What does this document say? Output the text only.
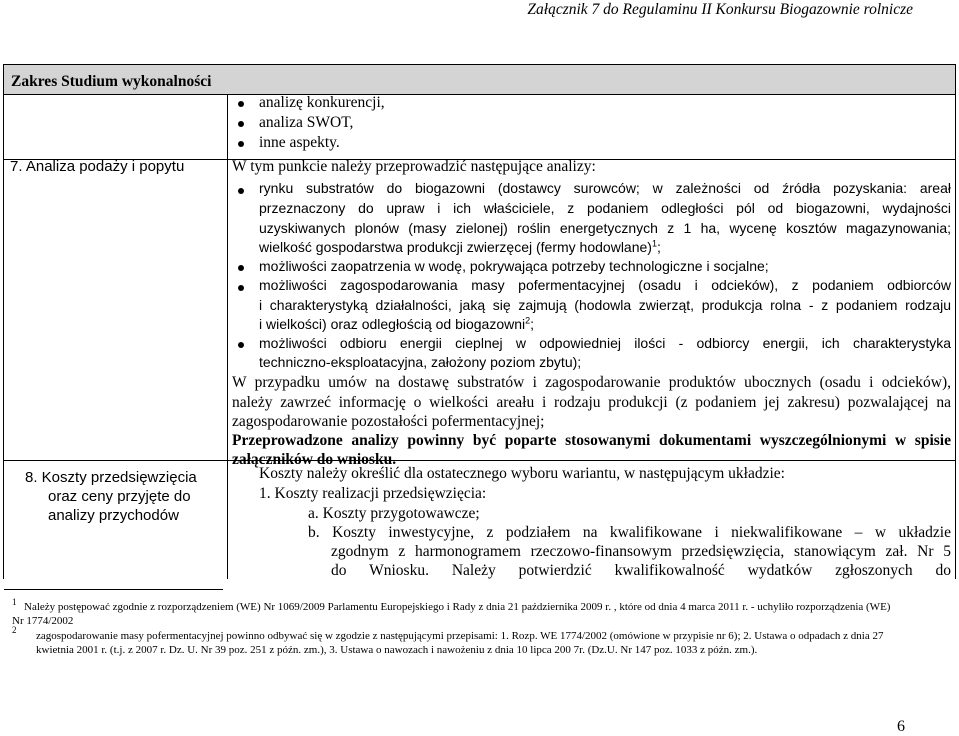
Załącznik 7 do Regulaminu II Konkursu Biogazownie rolnicze
Zakres Studium wykonalności
analizę konkurencji,
analiza SWOT,
inne aspekty.
7. Analiza podaży i popytu	W tym punkcie należy przeprowadzić następujące analizy:
rynku substratów do biogazowni (dostawcy surowców; w zależności od źródła pozyskania: areał
przeznaczony do upraw i ich właściciele, z podaniem odległości pól od biogazowni, wydajności
uzyskiwanych plonów (masy zielonej) roślin energetycznych z 1 ha, wycenę kosztów magazynowania;
wielkość gospodarstwa produkcji zwierzęcej (fermy hodowlane)$^1$;
możliwości zaopatrzenia w wodę, pokrywająca potrzeby technologiczne i socjalne;
możliwości zagospodarowania masy pofermentacyjnej (osadu i odcieków), z podaniem odbiorców
i charakterystyką działalności, jaką się zajmują (hodowla zwierząt, produkcja rolna - z podaniem rodzaju
i wielkości) oraz odległością od biogazowni$^2$;
możliwości odbioru energii cieplnej w odpowiedniej ilości - odbiorcy energii, ich charakterystyka
techniczno-eksploatacyjna, założony poziom zbytu);
W przypadku umów na dostawę substratów i zagospodarowanie produktów ubocznych (osadu i odcieków),
należy zawrzeć informację o wielkości areału i rodzaju produkcji (z podaniem jej zakresu) pozwalającej na
zagospodarowanie pozostałości pofermentacyjnej;
Przeprowadzone analizy powinny być poparte stosowanymi dokumentami wyszczególnionymi w spisie
załączników do wniosku.
8. Koszty przedsięwzięcia
oraz ceny przyjęte do
analizy przychodów
Koszty należy określić dla ostatecznego wyboru wariantu, w następującym układzie:
1. Koszty realizacji przedsięwzięcia:
a. Koszty przygotowawcze;
b. Koszty inwestycyjne, z podziałem na kwalifikowane i niekwalifikowane – w układzie
zgodnym z harmonogramem rzeczowo-finansowym przedsięwzięcia, stanowiącym zał. Nr 5
do Wniosku. Należy potwierdzić kwalifikowalność wydatków zgłoszonych do
1 Należy postępować zgodnie z rozporządzeniem (WE) Nr 1069/2009 Parlamentu Europejskiego i Rady z dnia 21 października 2009 r. , które od dnia 4 marca 2011 r. - uchyliło rozporządzenia (WE)
Nr 1774/2002
2 zagospodarowanie masy pofermentacyjnej powinno odbywać się w zgodzie z następującymi przepisami: 1. Rozp. WE 1774/2002 (omówione w przypisie nr 6); 2. Ustawa o odpadach z dnia 27
kwietnia 2001 r. (t.j. z 2007 r. Dz. U. Nr 39 poz. 251 z późn. zm.), 3. Ustawa o nawozach i nawożeniu z dnia 10 lipca 200 7r. (Dz.U. Nr 147 poz. 1033 z późn. zm.).
6
